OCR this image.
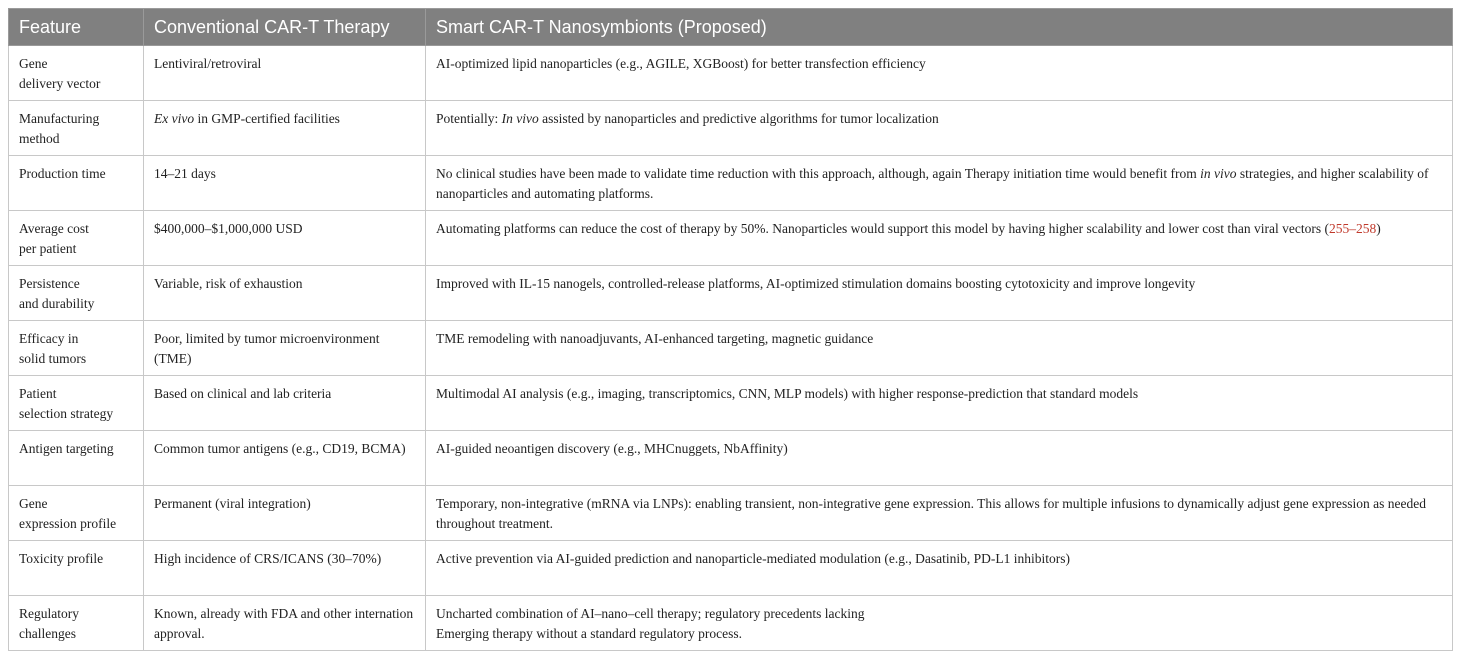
Feature	Conventional CAR-T Therapy	Smart CAR-T Nanosymbionts (Proposed)

Gene
delivery vector	Lentiviral/retroviral	AI-optimized lipid nanoparticles (e.g., AGILE, XGBoost) for better transfection efficiency

Manufacturing
method	Ex vivo in GMP-certified facilities	Potentially: In vivo assisted by nanoparticles and predictive algorithms for tumor localization

Production time	14–21 days	No clinical studies have been made to validate time reduction with this approach, although, again Therapy initiation time would benefit from in vivo strategies, and higher scalability of nanoparticles and automating platforms.

Average cost
per patient	$400,000–$1,000,000 USD	Automating platforms can reduce the cost of therapy by 50%. Nanoparticles would support this model by having higher scalability and lower cost than viral vectors (255–258)

Persistence
and durability	Variable, risk of exhaustion	Improved with IL-15 nanogels, controlled-release platforms, AI-optimized stimulation domains boosting cytotoxicity and improve longevity

Efficacy in
solid tumors	Poor, limited by tumor microenvironment (TME)	TME remodeling with nanoadjuvants, AI-enhanced targeting, magnetic guidance

Patient
selection strategy	Based on clinical and lab criteria	Multimodal AI analysis (e.g., imaging, transcriptomics, CNN, MLP models) with higher response-prediction that standard models

Antigen targeting	Common tumor antigens (e.g., CD19, BCMA)	AI-guided neoantigen discovery (e.g., MHCnuggets, NbAffinity)

Gene
expression profile	Permanent (viral integration)	Temporary, non-integrative (mRNA via LNPs): enabling transient, non-integrative gene expression. This allows for multiple infusions to dynamically adjust gene expression as needed throughout treatment.

Toxicity profile	High incidence of CRS/ICANS (30–70%)	Active prevention via AI-guided prediction and nanoparticle-mediated modulation (e.g., Dasatinib, PD-L1 inhibitors)

Regulatory
challenges	Known, already with FDA and other internation approval.	Uncharted combination of AI–nano–cell therapy; regulatory precedents lacking
Emerging therapy without a standard regulatory process.
